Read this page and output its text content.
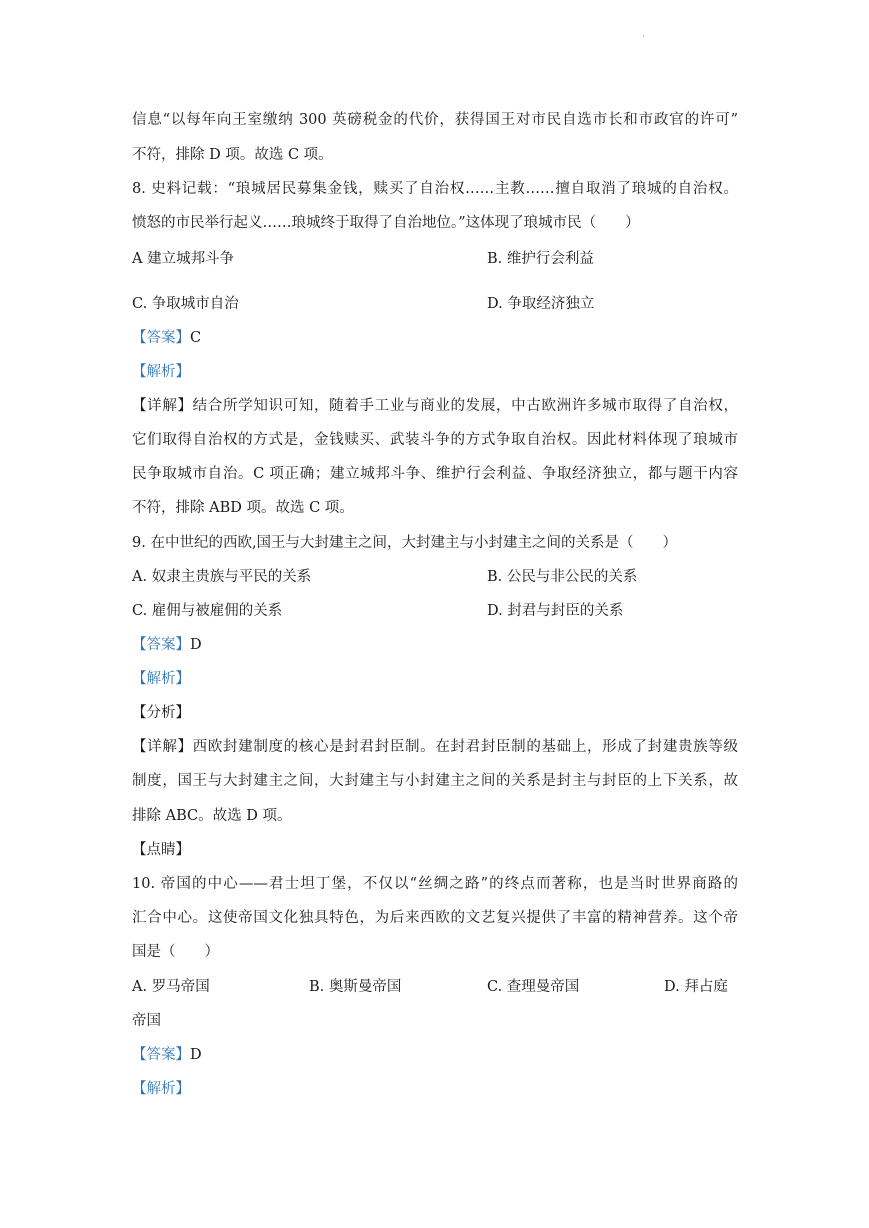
·
信息“以每年向王室缴纳 300 英磅税金的代价，获得国王对市民自选市长和市政官的许可”
不符，排除 D 项。故选 C 项。
8. 史料记载：“琅城居民募集金钱，赎买了自治权……主教……擅自取消了琅城的自治权。
愤怒的市民举行起义……琅城终于取得了自治地位。”这体现了琅城市民（　　）
A 建立城邦斗争	B. 维护行会利益
C. 争取城市自治	D. 争取经济独立
【答案】C
【解析】
【详解】结合所学知识可知，随着手工业与商业的发展，中古欧洲许多城市取得了自治权，
它们取得自治权的方式是，金钱赎买、武装斗争的方式争取自治权。因此材料体现了琅城市
民争取城市自治。C 项正确；建立城邦斗争、维护行会利益、争取经济独立，都与题干内容
不符，排除 ABD 项。故选 C 项。
9. 在中世纪的西欧,国王与大封建主之间，大封建主与小封建主之间的关系是（　　）
A. 奴隶主贵族与平民的关系	B. 公民与非公民的关系
C. 雇佣与被雇佣的关系	D. 封君与封臣的关系
【答案】D
【解析】
【分析】
【详解】西欧封建制度的核心是封君封臣制。在封君封臣制的基础上，形成了封建贵族等级
制度，国王与大封建主之间，大封建主与小封建主之间的关系是封主与封臣的上下关系，故
排除 ABC。故选 D 项。
【点睛】
10. 帝国的中心——君士坦丁堡，不仅以“丝绸之路”的终点而著称，也是当时世界商路的
汇合中心。这使帝国文化独具特色，为后来西欧的文艺复兴提供了丰富的精神营养。这个帝
国是（　　）
A. 罗马帝国	B. 奥斯曼帝国	C. 查理曼帝国	D. 拜占庭
帝国
【答案】D
【解析】
